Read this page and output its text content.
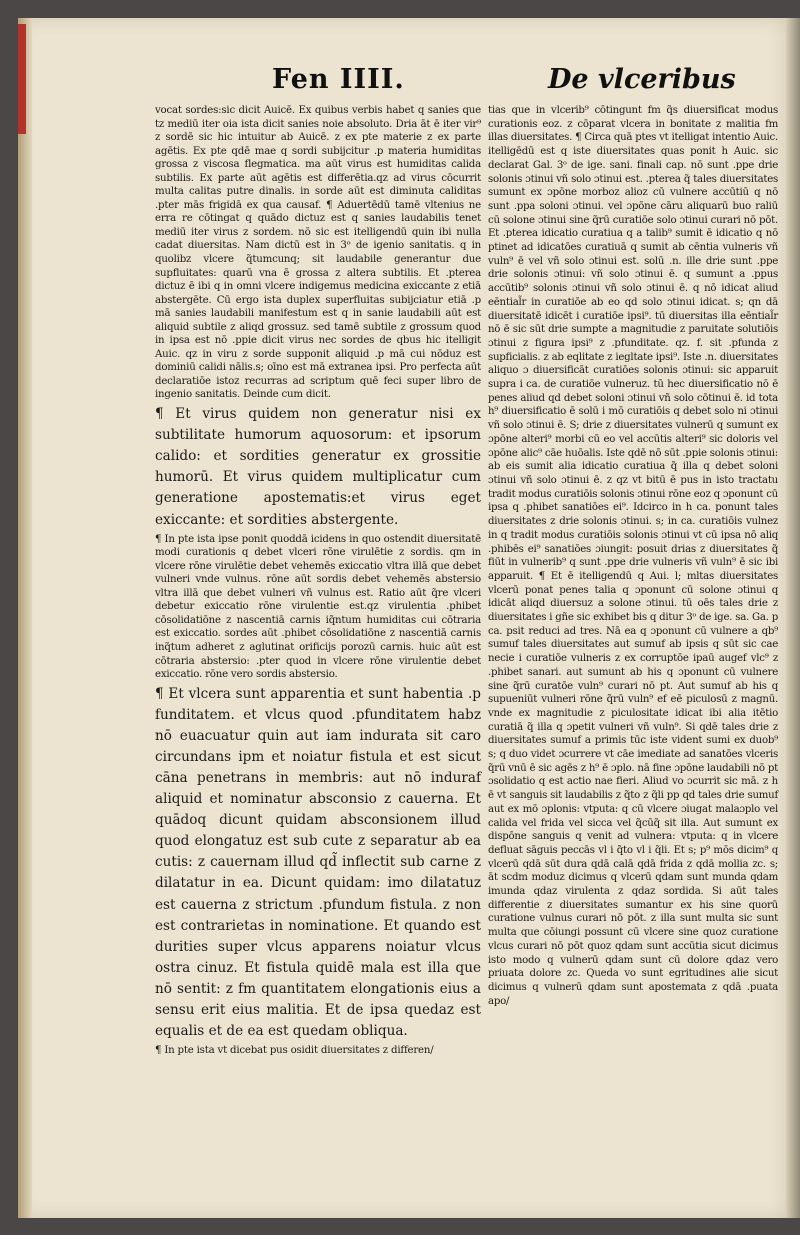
Fen IIII.	De vlceribus

vocat sordes:sic dicit Auicē. Ex quibus verbis habet q sanies que tz mediū iter oia ista dicit sanies noie absoluto. Dria āt ē iter vir⁹ z sordē sic hic intuitur ab Auicē. z ex pte materie z ex parte agētis. Ex pte qdē mae q sordi subijcitur .p materia humiditas grossa z viscosa flegmatica. ma aūt virus est humiditas calida subtilis. Ex parte aūt agētis est differētia.qz ad virus cōcurrit multa calitas putre dinalis. in sorde aūt est diminuta caliditas .pter mās frigidā ex qua causaf. ¶ Aduertēdū tamē vltenius ne erra re cōtingat q quādo dictuz est q sanies laudabilis tenet mediū iter virus z sordem. nō sic est itelligendū quin ibi nulla cadat diuersitas. Nam dictū est in 3ᵒ de igenio sanitatis. q in quolibz vlcere q̃tumcunq; sit laudabile generantur due supfluitates: quarū vna ē grossa z altera subtilis. Et .pterea dictuz ē ibi q in omni vlcere indigemus medicina exiccante z etiā abstergēte. Cū ergo ista duplex superfluitas subijciatur etiā .p mā sanies laudabili manifestum est q in sanie laudabili aūt est aliquid subtile z aliqd grossuz. sed tamē subtile z grossum quod in ipsa est nō .ppie dicit virus nec sordes de qbus hic itelligit Auic. qz in viru z sorde supponit aliquid .p mā cui nōduz est dominiū calidi nālis.s; oīno est mā extranea ipsi. Pro perfecta aūt declaratiōe istoz recurras ad scriptum quē feci super libro de ingenio sanitatis. Deinde cum dicit.

¶ Et virus quidem non generatur nisi ex subtilitate humorum aquosorum: et ipsorum calido: et sordities generatur ex grossitie humorū. Et virus quidem multiplicatur cum generatione apostematis:et virus eget exiccante: et sordities abstergente.

¶ In pte ista ipse ponit quoddā icidens in quo ostendit diuersitatē modi curationis q debet vlceri rōne virulētie z sordis. qm in vlcere rōne virulētie debet vehemēs exiccatio vltra illā que debet vulneri vnde vulnus. rōne aūt sordis debet vehemēs abstersio vltra illā que debet vulneri vñ vulnus est. Ratio aūt q̃re vlceri debetur exiccatio rōne virulentie est.qz virulentia .phibet cōsolidatiōne z nascentiā carnis iq̃ntum humiditas cui cōtraria est exiccatio. sordes aūt .phibet cōsolidatiōne z nascentiā carnis inq̃tum adheret z aglutinat orificijs porozū carnis. huic aūt est cōtraria abstersio: .pter quod in vlcere rōne virulentie debet exiccatio. rōne vero sordis abstersio.

¶ Et vlcera sunt apparentia et sunt habentia .p funditatem. et vlcus quod .pfunditatem habz nō euacuatur quin aut iam indurata sit caro circundans ipm et noiatur fistula et est sicut cāna penetrans in membris: aut nō induraf aliquid et nominatur absconsio z cauerna. Et quādoq dicunt quidam absconsionem illud quod elongatuz est sub cute z separatur ab ea cutis: z cauernam illud qd̃ inflectit sub carne z dilatatur in ea. Dicunt quidam: imo dilatatuz est cauerna z strictum .pfundum fistula. z non est contrarietas in nominatione. Et quando est durities super vlcus apparens noiatur vlcus ostra cinuz. Et fistula quidē mala est illa que nō sentit: z fm quantitatem elongationis eius a sensu erit eius malitia. Et de ipsa quedaz est equalis et de ea est quedam obliqua.

¶ In pte ista vt dicebat pus osidit diuersitates z differen/

tias que in vlcerib⁹ cōtingunt fm q̃s diuersificat modus curationis eoz. z cōparat vlcera in bonitate z malitia fm illas diuersitates. ¶ Circa quā ptes vt itelligat intentio Auic. itelligēdū est q iste diuersitates quas ponit h Auic. sic declarat Gal. 3ᵒ de ige. sani. finali cap. nō sunt .ppe drie solonis ɔtinui vñ solo ɔtinui est. .pterea q̃ tales diuersitates sumunt ex ɔpōne morboz alioz cū vulnere accūtiū q nō sunt .ppa soloni ɔtinui. vel ɔpōne cāru aliquarū buo raliū cū solone ɔtinui sine q̃rū curatiōe solo ɔtinui curari nō pōt. Et .pterea idicatio curatiua q a talib⁹ sumit ē idicatio q nō ptinet ad idicatōes curatiuā q sumit ab cēntia vulneris vñ vuln⁹ ē vel vñ solo ɔtinui est. solū .n. ille drie sunt .ppe drie solonis ɔtinui: vñ solo ɔtinui ē. q sumunt a .ppus accūtib⁹ solonis ɔtinui vñ solo ɔtinui ē. q nō idicat aliud eēntial̃r in curatiōe ab eo qd solo ɔtinui idicat. s; qn dā diuersitatē idicēt i curatiōe ipsi⁹. tū diuersitas illa eēntial̃r nō ē sic sūt drie sumpte a magnitudie z paruitate solutiōis ɔtinui z figura ipsi⁹ z .pfunditate. qz. f. sit .pfunda z supficialis. z ab eqlitate z iegltate ipsi⁹. Iste .n. diuersitates aliquo ɔ diuersificāt curatiōes solonis ɔtinui: sic apparuit supra i ca. de curatiōe vulneruz. tū hec diuersificatio nō ē penes aliud qd debet soloni ɔtinui vñ solo cōtinui ē. id tota h⁹ diuersificatio ē solū i mō curatiōis q debet solo ni ɔtinui vñ solo ɔtinui ē. S; drie z diuersitates vulnerū q sumunt ex ɔpōne alteri⁹ morbi cū eo vel accūtis alteri⁹ sic doloris vel ɔpōne alic⁹ cāe huōalis. Iste qdē nō sūt .ppie solonis ɔtinui: ab eis sumit alia idicatio curatiua q̃ illa q debet soloni ɔtinui vñ solo ɔtinui ē. z qz vt bitū ē pus in isto tractatu tradit modus curatiōis solonis ɔtinui rōne eoz q ɔponunt cū ipsa q .phibet sanatiōes ei⁹. Idcirco in h ca. ponunt tales diuersitates z drie solonis ɔtinui. s; in ca. curatiōis vulnez in q tradit modus curatiōis solonis ɔtinui vt cū ipsa nō aliq .phibēs ei⁹ sanatiōes ɔiungit: posuit drias z diuersitates q̃ fiūt in vulnerib⁹ q sunt .ppe drie vulneris vñ vuln⁹ ē sic ibi apparuit. ¶ Et ē itelligendū q Aui. l; mltas diuersitates vlcerū ponat penes talia q ɔponunt cū solone ɔtinui q idicāt aliqd diuersuz a solone ɔtinui. tū oēs tales drie z diuersitates i gñe sic exhibet bis q ditur 3ᵒ de ige. sa. Ga. p ca. psit reduci ad tres. Nā ea q ɔponunt cū vulnere a qb⁹ sumuf tales diuersitates aut sumuf ab ipsis q sūt sic cae necie i curatiōe vulneris z ex corruptōe ipaū augef vlc⁹ z .phibet sanari. aut sumunt ab his q ɔponunt cū vulnere sine q̃rū curatōe vuln⁹ curari nō pt. Aut sumuf ab his q supueniūt vulneri rōne q̃rū vuln⁹ ef eē piculosū z magnū. vnde ex magnitudie z piculositate idicat ibi alia itētio curatiā q̃ illa q ɔpetit vulneri vñ vuln⁹. Si qdē tales drie z diuersitates sumuf a primis tūc iste vident sumi ex duob⁹ s; q duo videt ɔcurrere vt cāe imediate ad sanatōes vlceris q̃rū vnū ē sic agēs z h⁹ ē ɔplo. nā fine ɔpōne laudabili nō pt ɔsolidatio q est actio nae fieri. Aliud vo ɔcurrit sic mā. z h ē vt sanguis sit laudabilis z q̃to z q̃li pp qd tales drie sumuf aut ex mō ɔplonis: vtputa: q cū vlcere ɔiugat malaɔplo vel calida vel frida vel sicca vel q̃cūq̃ sit illa. Aut sumunt ex dispōne sanguis q venit ad vulnera: vtputa: q in vlcere defluat sāguis peccās vl i q̃to vl i q̃li. Et s; p⁹ mōs dicim⁹ q vlcerū qdā sūt dura qdā calā qdā frida z qdā mollia zc. s; āt scdm moduz dicimus q vlcerū qdam sunt munda qdam imunda qdaz virulenta z qdaz sordida. Si aūt tales differentie z diuersitates sumantur ex his sine quorū curatione vulnus curari nō pōt. z illa sunt multa sic sunt multa que cōiungi possunt cū vlcere sine quoz curatione vlcus curari nō pōt quoz qdam sunt accūtia sicut dicimus isto modo q vulnerū qdam sunt cū dolore qdaz vero priuata dolore zc. Queda vo sunt egritudines alie sicut dicimus q vulnerū qdam sunt apostemata z qdā .puata apo/
